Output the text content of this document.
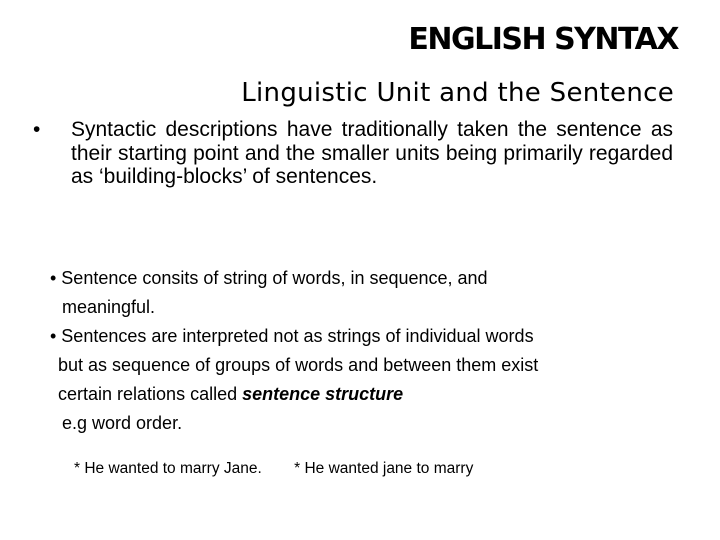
ENGLISH SYNTAX
Linguistic Unit and the Sentence
• Syntactic descriptions have traditionally taken the sentence as their starting point and the smaller units being primarily regarded as ‘building-blocks’ of sentences.

• Sentence consits of string of words, in sequence, and

meaningful.

• Sentences are interpreted not as strings of individual words

but as sequence of groups of words and between them exist

certain relations called sentence structure

e.g word order.

* He wanted to marry Jane. * He wanted jane to marry
